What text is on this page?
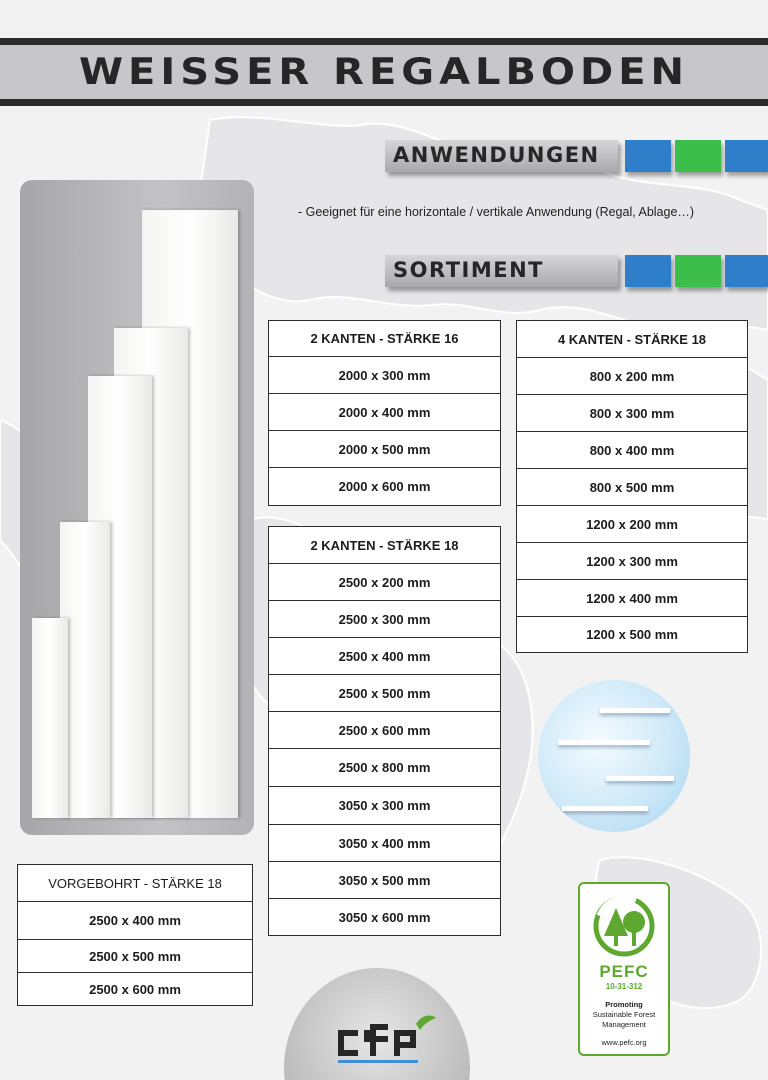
WEISSER REGALBODEN
ANWENDUNGEN
- Geeignet für eine horizontale / vertikale Anwendung (Regal, Ablage…)
SORTIMENT
2 KANTEN - STÄRKE 16
2000 x 300 mm
2000 x 400 mm
2000 x 500 mm
2000 x 600 mm
2 KANTEN - STÄRKE 18
2500 x 200 mm
2500 x 300 mm
2500 x 400 mm
2500 x 500 mm
2500 x 600 mm
2500 x 800 mm
3050 x 300 mm
3050 x 400 mm
3050 x 500 mm
3050 x 600 mm
4 KANTEN - STÄRKE 18
800 x 200 mm
800 x 300 mm
800 x 400 mm
800 x 500 mm
1200 x 200 mm
1200 x 300 mm
1200 x 400 mm
1200 x 500 mm
VORGEBOHRT - STÄRKE 18
2500 x 400 mm
2500 x 500 mm
2500 x 600 mm
PEFC
10-31-312
Promoting
Sustainable Forest
Management
www.pefc.org
